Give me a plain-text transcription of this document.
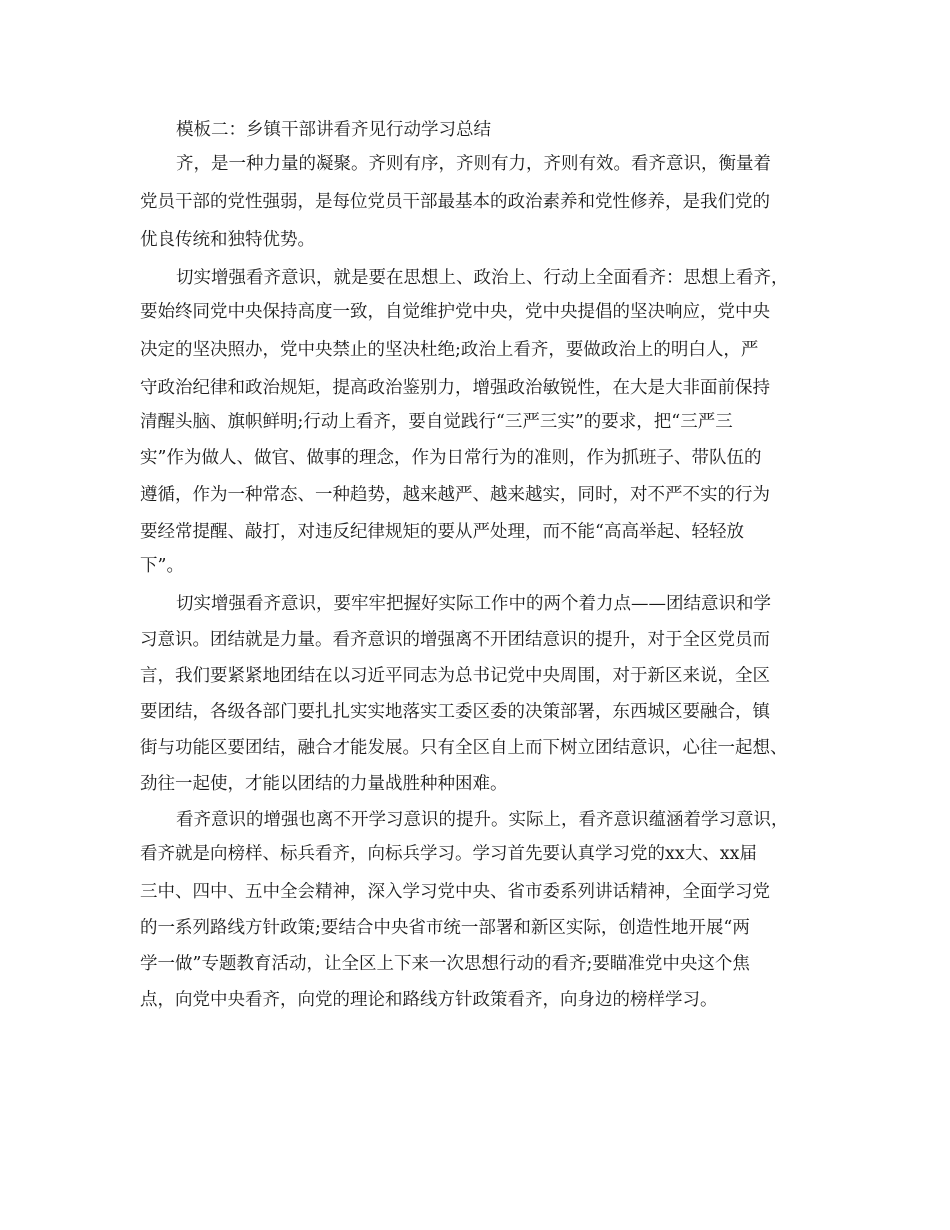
模板二：乡镇干部讲看齐见行动学习总结
齐，是一种力量的凝聚。齐则有序，齐则有力，齐则有效。看齐意识，衡量着
党员干部的党性强弱，是每位党员干部最基本的政治素养和党性修养，是我们党的
优良传统和独特优势。
切实增强看齐意识，就是要在思想上、政治上、行动上全面看齐：思想上看齐，
要始终同党中央保持高度一致，自觉维护党中央，党中央提倡的坚决响应，党中央
决定的坚决照办，党中央禁止的坚决杜绝;政治上看齐，要做政治上的明白人，严
守政治纪律和政治规矩，提高政治鉴别力，增强政治敏锐性，在大是大非面前保持
清醒头脑、旗帜鲜明;行动上看齐，要自觉践行“三严三实”的要求，把“三严三
实”作为做人、做官、做事的理念，作为日常行为的准则，作为抓班子、带队伍的
遵循，作为一种常态、一种趋势，越来越严、越来越实，同时，对不严不实的行为
要经常提醒、敲打，对违反纪律规矩的要从严处理，而不能“高高举起、轻轻放
下”。
切实增强看齐意识，要牢牢把握好实际工作中的两个着力点——团结意识和学
习意识。团结就是力量。看齐意识的增强离不开团结意识的提升，对于全区党员而
言，我们要紧紧地团结在以习近平同志为总书记党中央周围，对于新区来说，全区
要团结，各级各部门要扎扎实实地落实工委区委的决策部署，东西城区要融合，镇
街与功能区要团结，融合才能发展。只有全区自上而下树立团结意识，心往一起想、
劲往一起使，才能以团结的力量战胜种种困难。
看齐意识的增强也离不开学习意识的提升。实际上，看齐意识蕴涵着学习意识，
看齐就是向榜样、标兵看齐，向标兵学习。学习首先要认真学习党的xx大、xx届
三中、四中、五中全会精神，深入学习党中央、省市委系列讲话精神，全面学习党
的一系列路线方针政策;要结合中央省市统一部署和新区实际，创造性地开展“两
学一做”专题教育活动，让全区上下来一次思想行动的看齐;要瞄准党中央这个焦
点，向党中央看齐，向党的理论和路线方针政策看齐，向身边的榜样学习。
